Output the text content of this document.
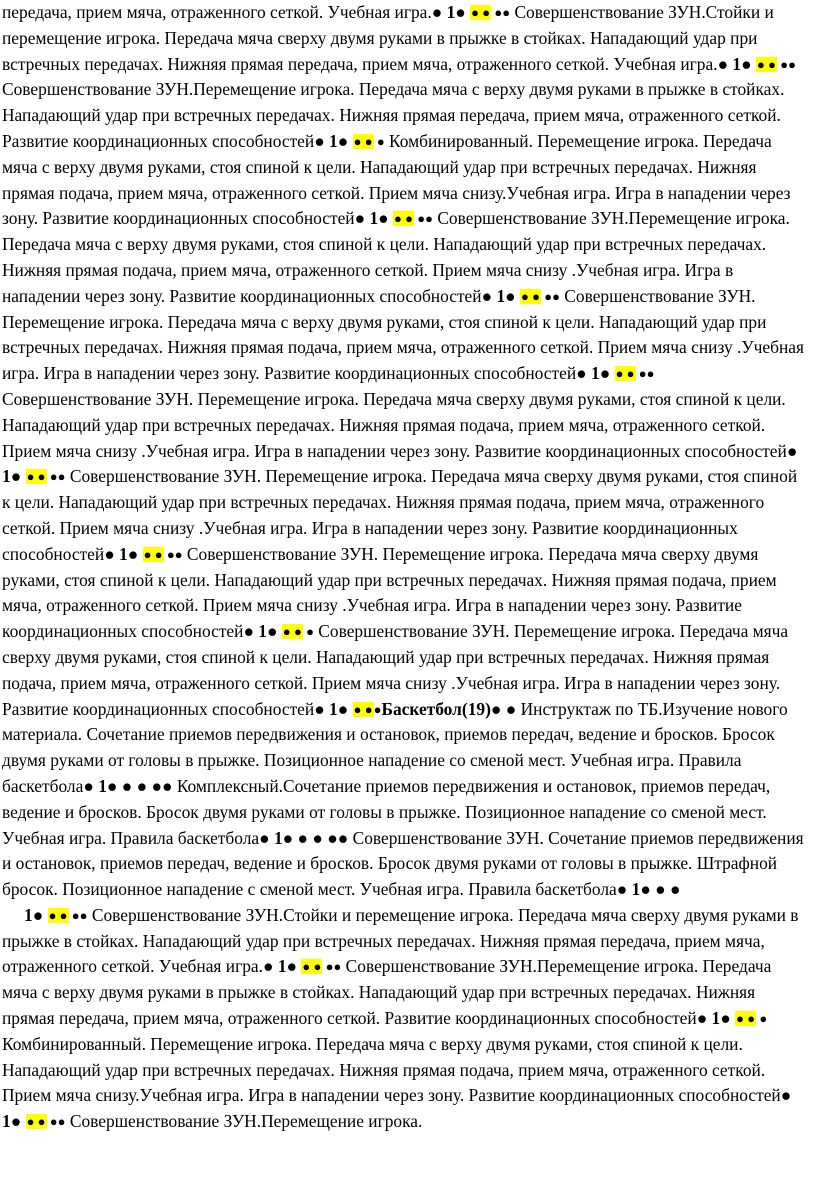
передача, прием мяча, отраженного сеткой. Учебная игра.● 1● ● ● ●● Совершенствование ЗУН.Стойки и перемещение игрока. Передача мяча сверху двумя руками в прыжке в стойках. Нападающий удар при встречных передачах. Нижняя прямая передача, прием мяча, отраженного сеткой. Учебная игра.● 1● ● ● ●● Совершенствование ЗУН.Перемещение игрока. Передача мяча с верху двумя руками в прыжке в стойках. Нападающий удар при встречных передачах. Нижняя прямая передача, прием мяча, отраженного сеткой. Развитие координационных способностей● 1● ● ● ● Комбинированный. Перемещение игрока. Передача мяча с верху двумя руками, стоя спиной к цели. Нападающий удар при встречных передачах. Нижняя прямая подача, прием мяча, отраженного сеткой. Прием мяча снизу.Учебная игра. Игра в нападении через зону. Развитие координационных способностей● 1● ● ● ●● Совершенствование ЗУН.Перемещение игрока. Передача мяча с верху двумя руками, стоя спиной к цели. Нападающий удар при встречных передачах. Нижняя прямая подача, прием мяча, отраженного сеткой. Прием мяча снизу .Учебная игра. Игра в нападении через зону. Развитие координационных способностей● 1● ● ● ●● Совершенствование ЗУН. Перемещение игрока. Передача мяча с верху двумя руками, стоя спиной к цели. Нападающий удар при встречных передачах. Нижняя прямая подача, прием мяча, отраженного сеткой. Прием мяча снизу .Учебная игра. Игра в нападении через зону. Развитие координационных способностей● 1● ● ● ●● Совершенствование ЗУН. Перемещение игрока. Передача мяча сверху двумя руками, стоя спиной к цели. Нападающий удар при встречных передачах. Нижняя прямая подача, прием мяча, отраженного сеткой. Прием мяча снизу .Учебная игра. Игра в нападении через зону. Развитие координационных способностей● 1● ● ● ●● Совершенствование ЗУН. Перемещение игрока. Передача мяча сверху двумя руками, стоя спиной к цели. Нападающий удар при встречных передачах. Нижняя прямая подача, прием мяча, отраженного сеткой. Прием мяча снизу .Учебная игра. Игра в нападении через зону. Развитие координационных способностей● 1● ● ● ●● Совершенствование ЗУН. Перемещение игрока. Передача мяча сверху двумя руками, стоя спиной к цели. Нападающий удар при встречных передачах. Нижняя прямая подача, прием мяча, отраженного сеткой. Прием мяча снизу .Учебная игра. Игра в нападении через зону. Развитие координационных способностей● 1● ● ● ● Совершенствование ЗУН. Перемещение игрока. Передача мяча сверху двумя руками, стоя спиной к цели. Нападающий удар при встречных передачах. Нижняя прямая подача, прием мяча, отраженного сеткой. Прием мяча снизу .Учебная игра. Игра в нападении через зону. Развитие координационных способностей● 1● ● ●●Баскетбол(19)● ● Инструктаж по ТБ.Изучение нового материала. Сочетание приемов передвижения и остановок, приемов передач, ведение и бросков. Бросок двумя руками от головы в прыжке. Позиционное нападение со сменой мест. Учебная игра. Правила баскетбола● 1● ● ● ●● Комплексный.Сочетание приемов передвижения и остановок, приемов передач, ведение и бросков. Бросок двумя руками от головы в прыжке. Позиционное нападение со сменой мест. Учебная игра. Правила баскетбола● 1● ● ● ●● Совершенствование ЗУН. Сочетание приемов передвижения и остановок, приемов передач, ведение и бросков. Бросок двумя руками от головы в прыжке. Штрафной бросок. Позиционное нападение с сменой мест. Учебная игра. Правила баскетбола● 1● ● ●

1● ● ● ●● Совершенствование ЗУН.Стойки и перемещение игрока. Передача мяча сверху двумя руками в прыжке в стойках. Нападающий удар при встречных передачах. Нижняя прямая передача, прием мяча, отраженного сеткой. Учебная игра.● 1● ● ● ●● Совершенствование ЗУН.Перемещение игрока. Передача мяча с верху двумя руками в прыжке в стойках. Нападающий удар при встречных передачах. Нижняя прямая передача, прием мяча, отраженного сеткой. Развитие координационных способностей● 1● ● ● ● Комбинированный. Перемещение игрока. Передача мяча с верху двумя руками, стоя спиной к цели. Нападающий удар при встречных передачах. Нижняя прямая подача, прием мяча, отраженного сеткой. Прием мяча снизу.Учебная игра. Игра в нападении через зону. Развитие координационных способностей● 1● ● ● ●● Совершенствование ЗУН.Перемещение игрока.
